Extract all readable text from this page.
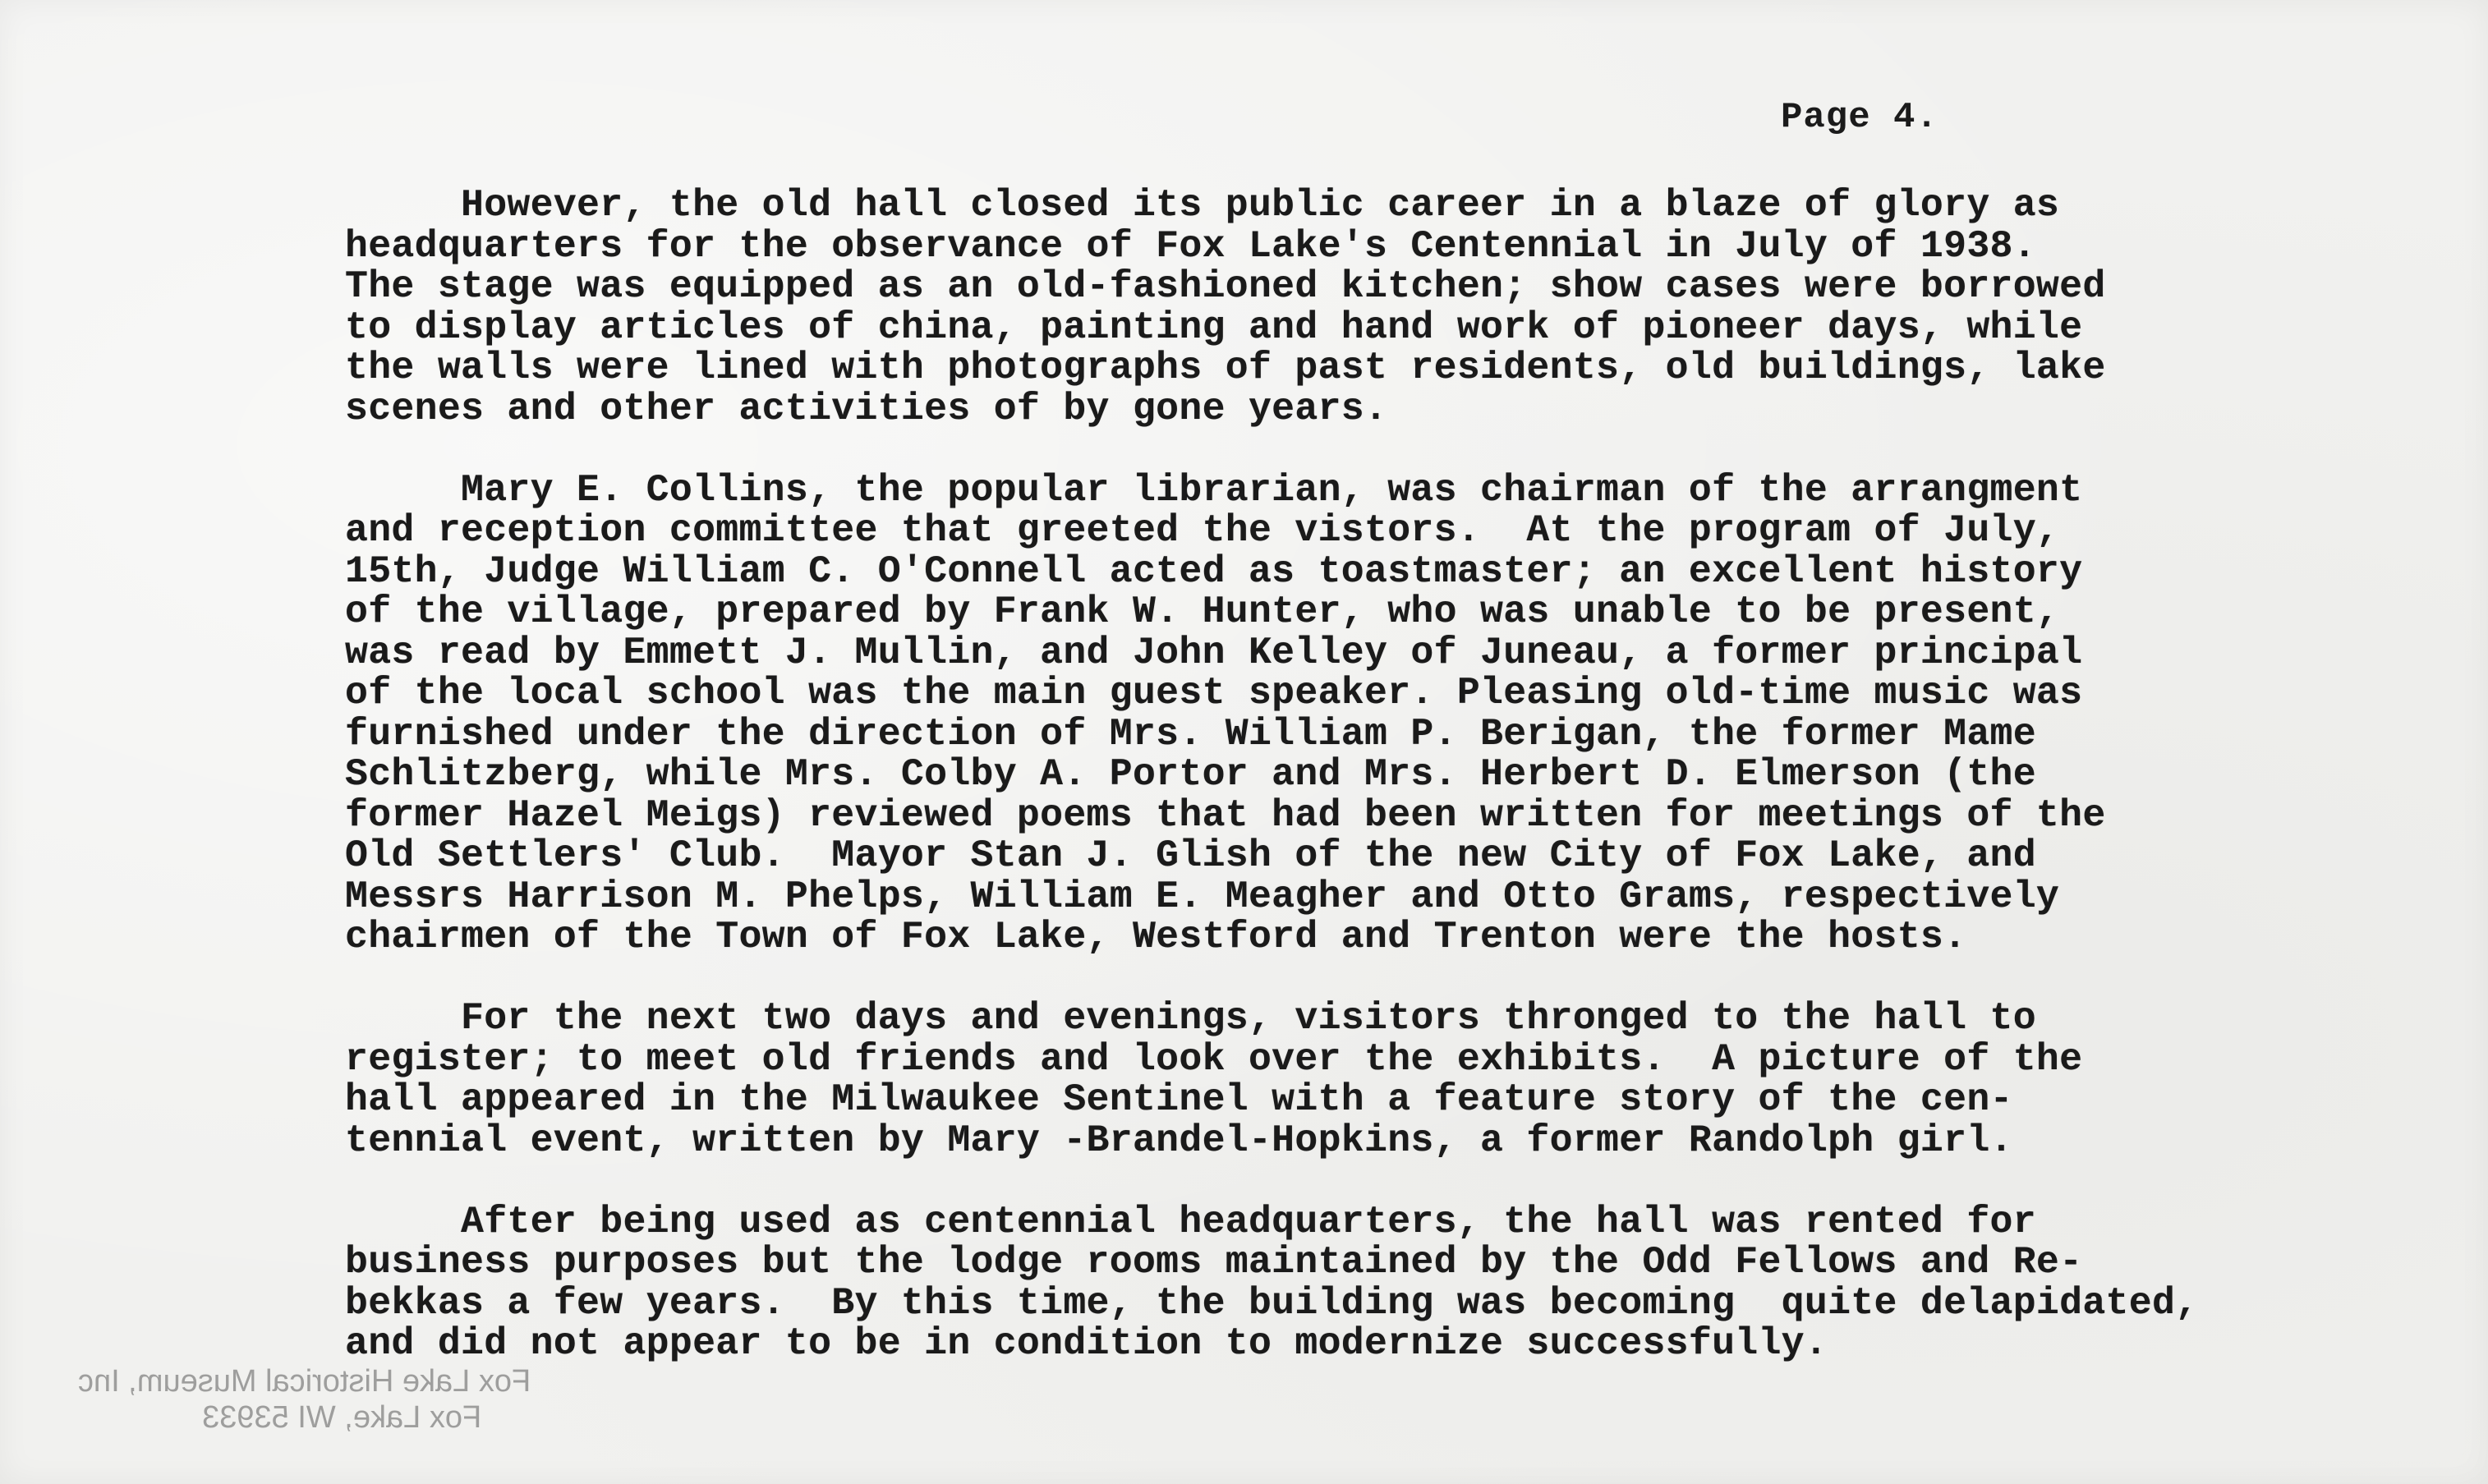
Page 4.
However, the old hall closed its public career in a blaze of glory as
headquarters for the observance of Fox Lake's Centennial in July of 1938.
The stage was equipped as an old-fashioned kitchen; show cases were borrowed
to display articles of china, painting and hand work of pioneer days, while
the walls were lined with photographs of past residents, old buildings, lake
scenes and other activities of by gone years.
Mary E. Collins, the popular librarian, was chairman of the arrangment
and reception committee that greeted the vistors.  At the program of July,
15th, Judge William C. O'Connell acted as toastmaster; an excellent history
of the village, prepared by Frank W. Hunter, who was unable to be present,
was read by Emmett J. Mullin, and John Kelley of Juneau, a former principal
of the local school was the main guest speaker. Pleasing old-time music was
furnished under the direction of Mrs. William P. Berigan, the former Mame
Schlitzberg, while Mrs. Colby A. Portor and Mrs. Herbert D. Elmerson (the
former Hazel Meigs) reviewed poems that had been written for meetings of the
Old Settlers' Club.  Mayor Stan J. Glish of the new City of Fox Lake, and
Messrs Harrison M. Phelps, William E. Meagher and Otto Grams, respectively
chairmen of the Town of Fox Lake, Westford and Trenton were the hosts.
For the next two days and evenings, visitors thronged to the hall to
register; to meet old friends and look over the exhibits.  A picture of the
hall appeared in the Milwaukee Sentinel with a feature story of the cen-
tennial event, written by Mary -Brandel-Hopkins, a former Randolph girl.
After being used as centennial headquarters, the hall was rented for
business purposes but the lodge rooms maintained by the Odd Fellows and Re-
bekkas a few years.  By this time, the building was becoming  quite delapidated,
and did not appear to be in condition to modernize successfully.
Fox Lake Historical Museum, Inc
Fox Lake, WI 53933
